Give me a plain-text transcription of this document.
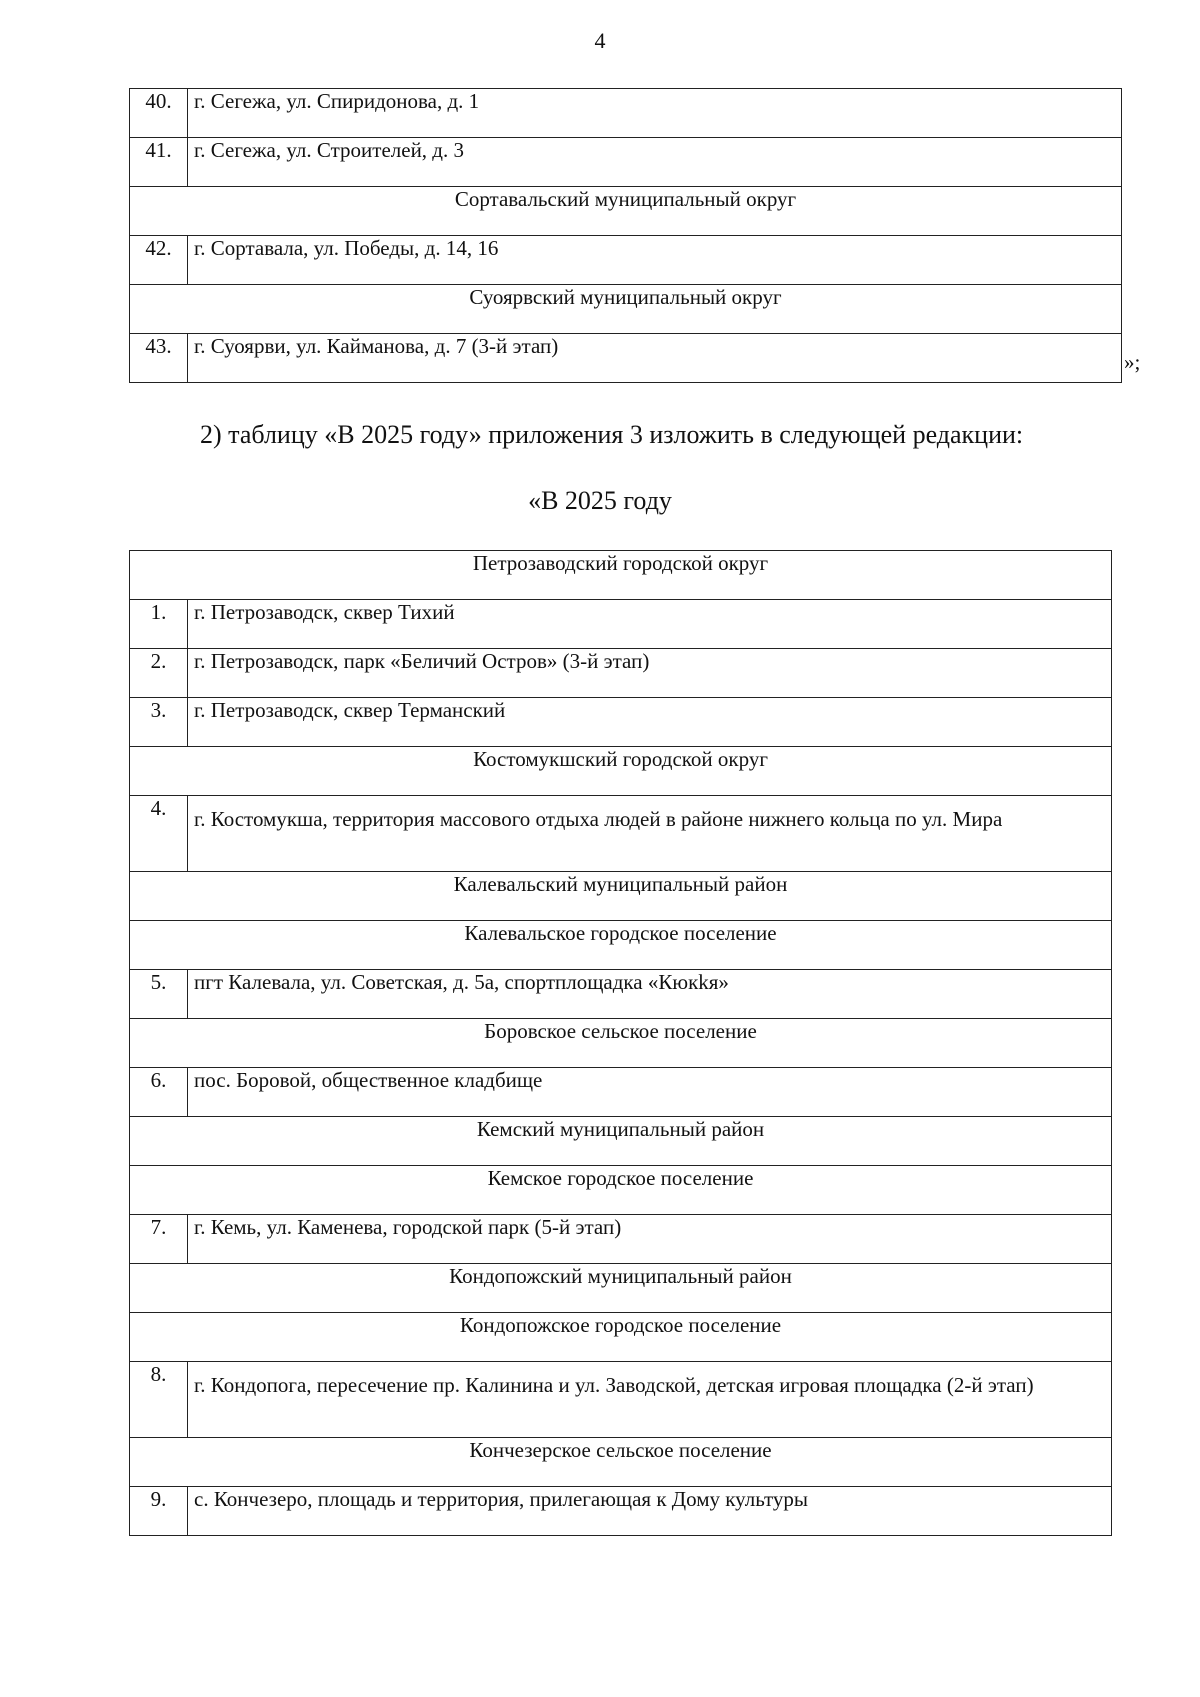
4
40.	г. Сегежа, ул. Спиридонова, д. 1
41.	г. Сегежа, ул. Строителей, д. 3
Сортавальский муниципальный округ	
42.	г. Сортавала, ул. Победы, д. 14, 16
Суоярвский муниципальный округ	
43.	г. Суоярви, ул. Кайманова, д. 7 (3-й этап)
»;
2) таблицу «В 2025 году» приложения 3 изложить в следующей редакции:
«В 2025 году
Петрозаводский городской округ	
1.	г. Петрозаводск, сквер Тихий
2.	г. Петрозаводск, парк «Беличий Остров» (3-й этап)
3.	г. Петрозаводск, сквер Терманский
Костомукшский городской округ	
4.	г. Костомукша, территория массового отдыха людей в районе нижнего кольца по ул. Мира
Калевальский муниципальный район	
Калевальское городское поселение	
5.	пгт Калевала, ул. Советская, д. 5а, спортплощадка «Кюкkя»
Боровское сельское поселение	
6.	пос. Боровой, общественное кладбище
Кемский муниципальный район	
Кемское городское поселение	
7.	г. Кемь, ул. Каменева, городской парк (5-й этап)
Кондопожский муниципальный район	
Кондопожское городское поселение	
8.	г. Кондопога, пересечение пр. Калинина и ул. Заводской, детская игровая площадка (2-й этап)
Кончезерское сельское поселение	
9.	с. Кончезеро, площадь и территория, прилегающая к Дому культуры
